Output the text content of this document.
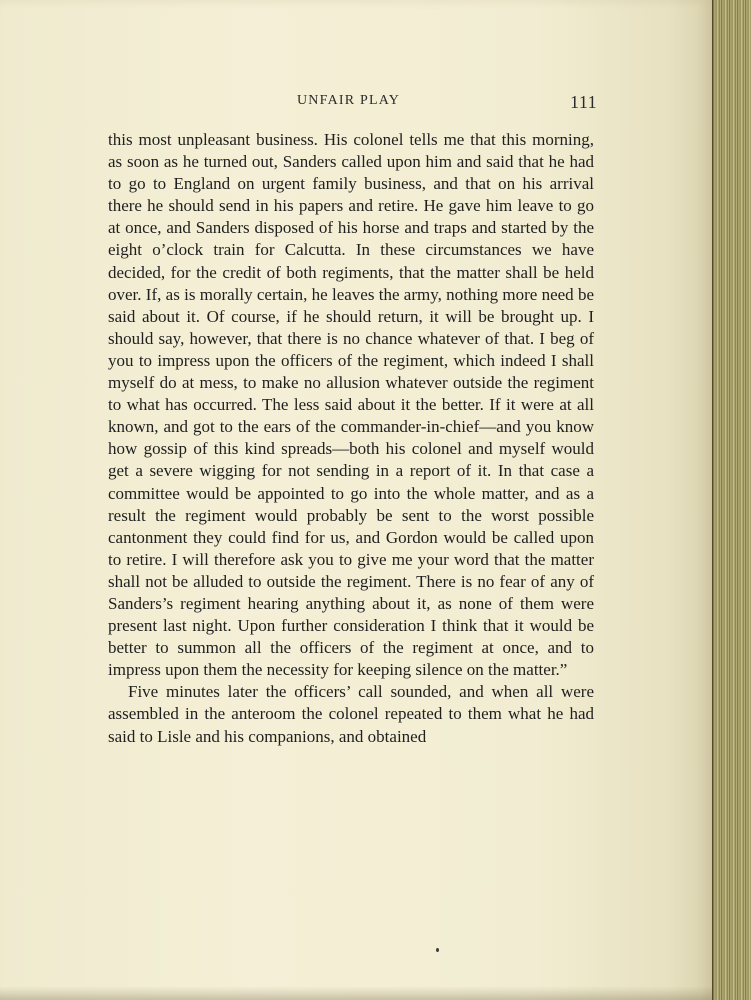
UNFAIR PLAY	111

this most unpleasant business. His colonel tells me that this morning, as soon as he turned out, Sanders called upon him and said that he had to go to England on urgent family business, and that on his arrival there he should send in his papers and retire. He gave him leave to go at once, and Sanders disposed of his horse and traps and started by the eight o’clock train for Calcutta. In these circumstances we have decided, for the credit of both regiments, that the matter shall be held over. If, as is morally certain, he leaves the army, nothing more need be said about it. Of course, if he should return, it will be brought up. I should say, however, that there is no chance whatever of that. I beg of you to impress upon the officers of the regiment, which indeed I shall myself do at mess, to make no allusion whatever outside the regiment to what has occurred. The less said about it the better. If it were at all known, and got to the ears of the commander-in-chief—and you know how gossip of this kind spreads—both his colonel and myself would get a severe wigging for not sending in a report of it. In that case a committee would be appointed to go into the whole matter, and as a result the regiment would probably be sent to the worst possible cantonment they could find for us, and Gordon would be called upon to retire. I will therefore ask you to give me your word that the matter shall not be alluded to outside the regiment. There is no fear of any of Sanders’s regiment hearing anything about it, as none of them were present last night. Upon further consideration I think that it would be better to summon all the officers of the regiment at once, and to impress upon them the necessity for keeping silence on the matter.”

Five minutes later the officers’ call sounded, and when all were assembled in the anteroom the colonel repeated to them what he had said to Lisle and his companions, and obtained
